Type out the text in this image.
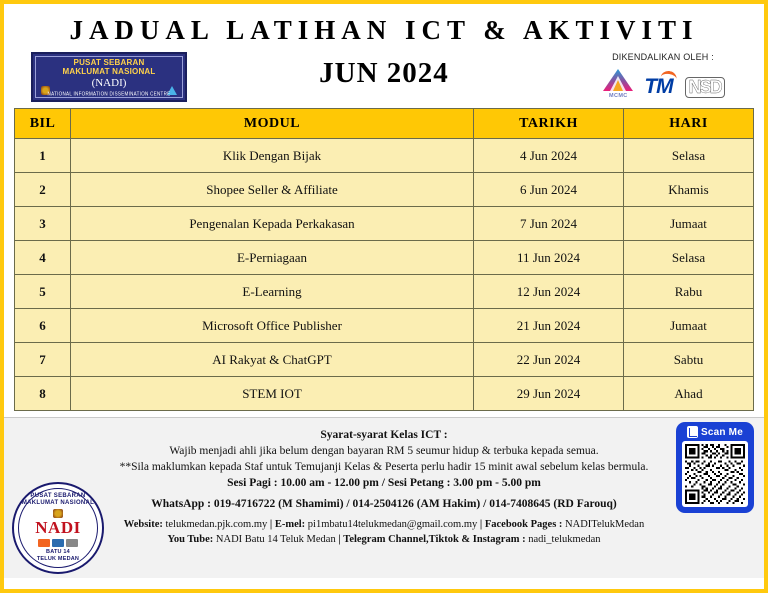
JADUAL LATIHAN ICT & AKTIVITI
JUN 2024
PUSAT SEBARAN
MAKLUMAT NASIONAL
(NADI)
NATIONAL INFORMATION DISSEMINATION CENTRE
DIKENDALIKAN OLEH :
MCMC TM NSD
BIL	MODUL	TARIKH	HARI
1	Klik Dengan Bijak	4 Jun 2024	Selasa
2	Shopee Seller & Affiliate	6 Jun 2024	Khamis
3	Pengenalan Kepada Perkakasan	7 Jun 2024	Jumaat
4	E-Perniagaan	11 Jun 2024	Selasa
5	E-Learning	12 Jun 2024	Rabu
6	Microsoft Office Publisher	21 Jun 2024	Jumaat
7	AI Rakyat & ChatGPT	22 Jun 2024	Sabtu
8	STEM IOT	29 Jun 2024	Ahad
Syarat-syarat Kelas ICT :
Wajib menjadi ahli jika belum dengan bayaran RM 5 seumur hidup & terbuka kepada semua.
**Sila maklumkan kepada Staf untuk Temujanji Kelas & Peserta perlu hadir 15 minit awal sebelum kelas bermula.
Sesi Pagi : 10.00 am - 12.00 pm / Sesi Petang : 3.00 pm - 5.00 pm
WhatsApp : 019-4716722 (M Shamimi) / 014-2504126 (AM Hakim) / 014-7408645 (RD Farouq)
Website: telukmedan.pjk.com.my | E-mel: pi1mbatu14telukmedan@gmail.com.my | Facebook Pages : NADITelukMedan
You Tube: NADI Batu 14 Teluk Medan | Telegram Channel,Tiktok & Instagram : nadi_telukmedan
PUSAT SEBARAN MAKLUMAT NASIONAL
NADI
BATU 14
TELUK MEDAN
Scan Me
